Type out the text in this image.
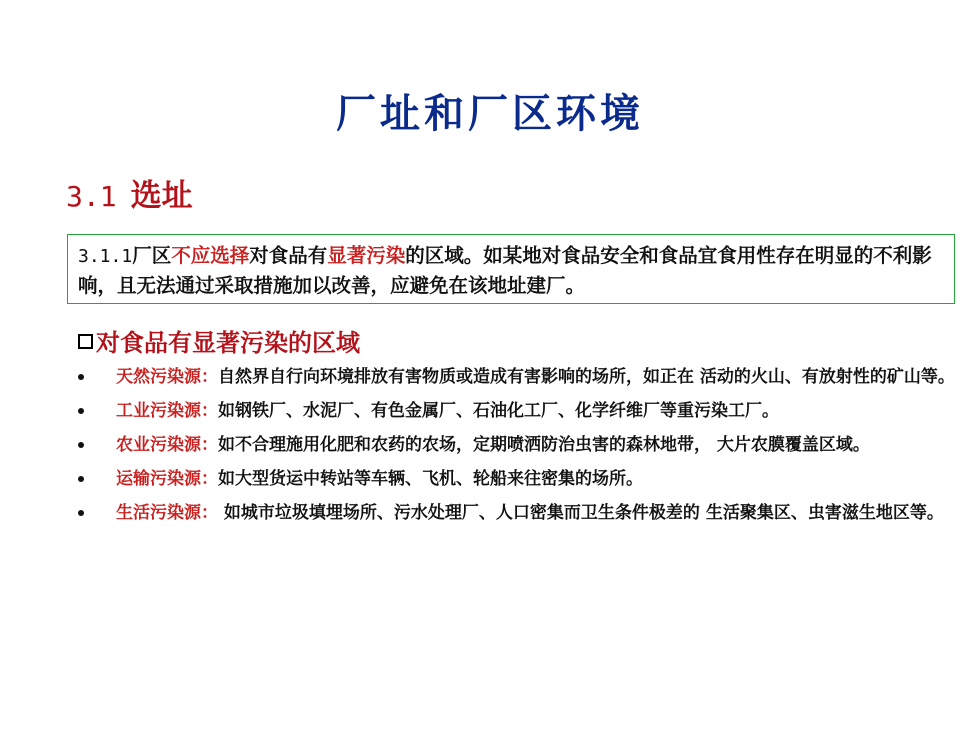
厂址和厂区环境
3.1 选址
3.1.1厂区不应选择对食品有显著污染的区域。如某地对食品安全和食品宜食用性存在明显的不利影响，且无法通过采取措施加以改善，应避免在该地址建厂。
对食品有显著污染的区域
天然污染源：自然界自行向环境排放有害物质或造成有害影响的场所，如正在 活动的火山、有放射性的矿山等。
工业污染源：如钢铁厂、水泥厂、有色金属厂、石油化工厂、化学纤维厂等重污染工厂。
农业污染源：如不合理施用化肥和农药的农场，定期喷洒防治虫害的森林地带， 大片农膜覆盖区域。
运输污染源：如大型货运中转站等车辆、飞机、轮船来往密集的场所。
生活污染源： 如城市垃圾填埋场所、污水处理厂、人口密集而卫生条件极差的 生活聚集区、虫害滋生地区等。
